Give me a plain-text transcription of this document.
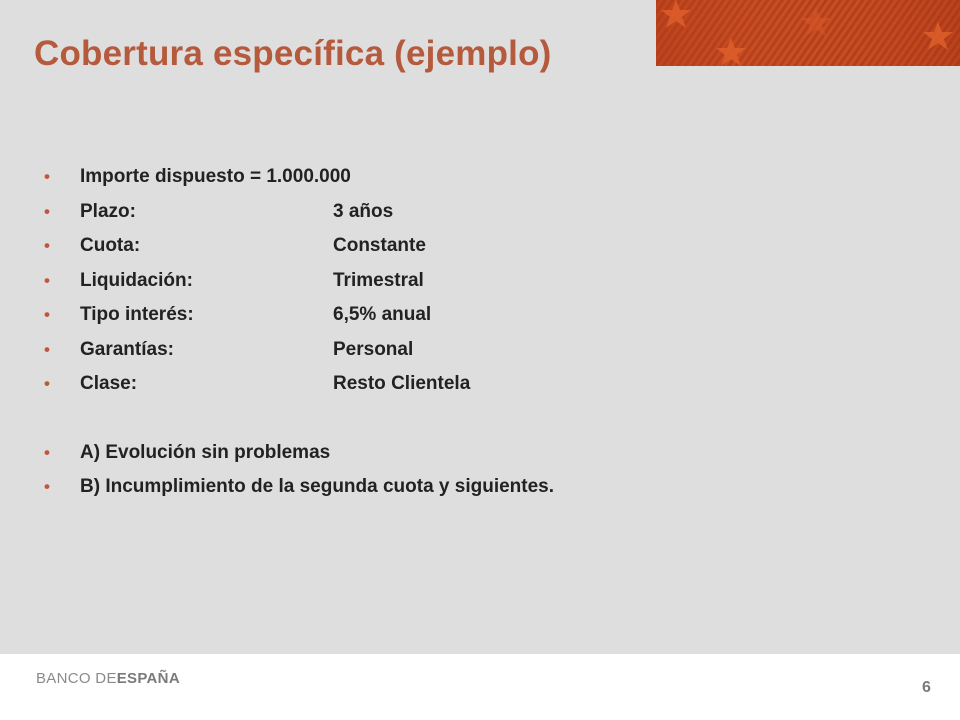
Cobertura específica (ejemplo)
• Importe dispuesto = 1.000.000
• Plazo:	3 años
• Cuota:	Constante
• Liquidación:	Trimestral
• Tipo interés:	6,5% anual
• Garantías:	Personal
• Clase:	Resto Clientela
• A) Evolución sin problemas
• B) Incumplimiento de la segunda cuota y siguientes.
BANCO DEESPAÑA
6
